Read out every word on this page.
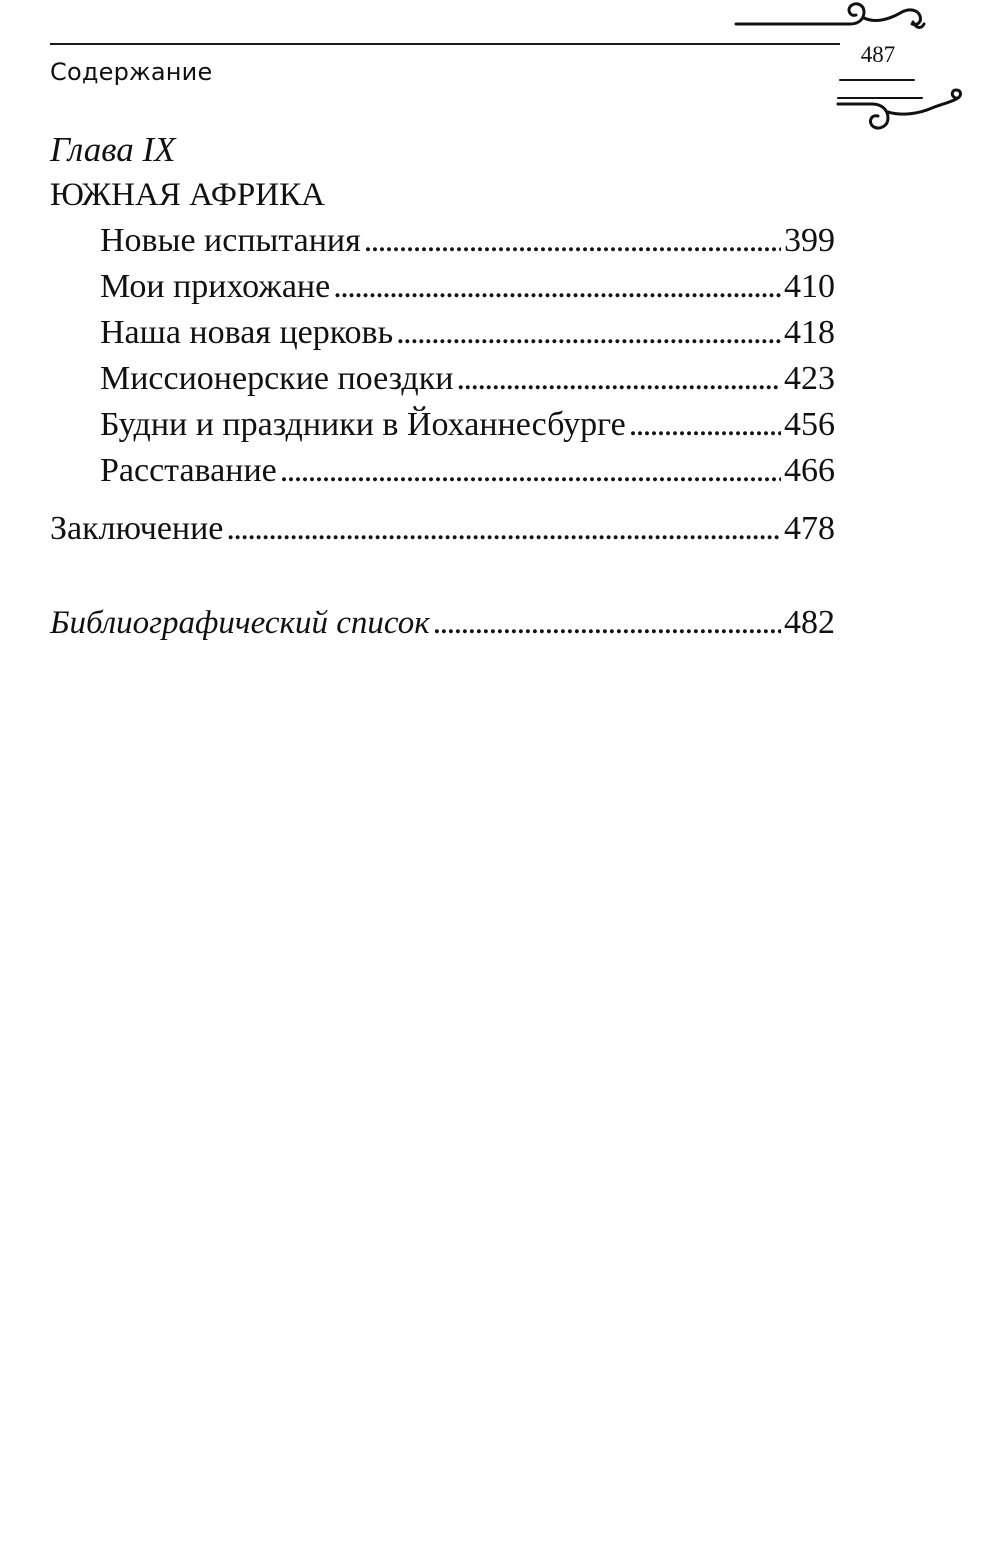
Содержание
487
Глава IX
ЮЖНАЯ АФРИКА
Новые испытания . . .	399
Мои прихожане . . .	410
Наша новая церковь . . .	418
Миссионерские поездки . . .	423
Будни и праздники в Йоханнесбурге . . .	456
Расставание . . .	466
Заключение . . .	478
Библиографический список . . .	482
